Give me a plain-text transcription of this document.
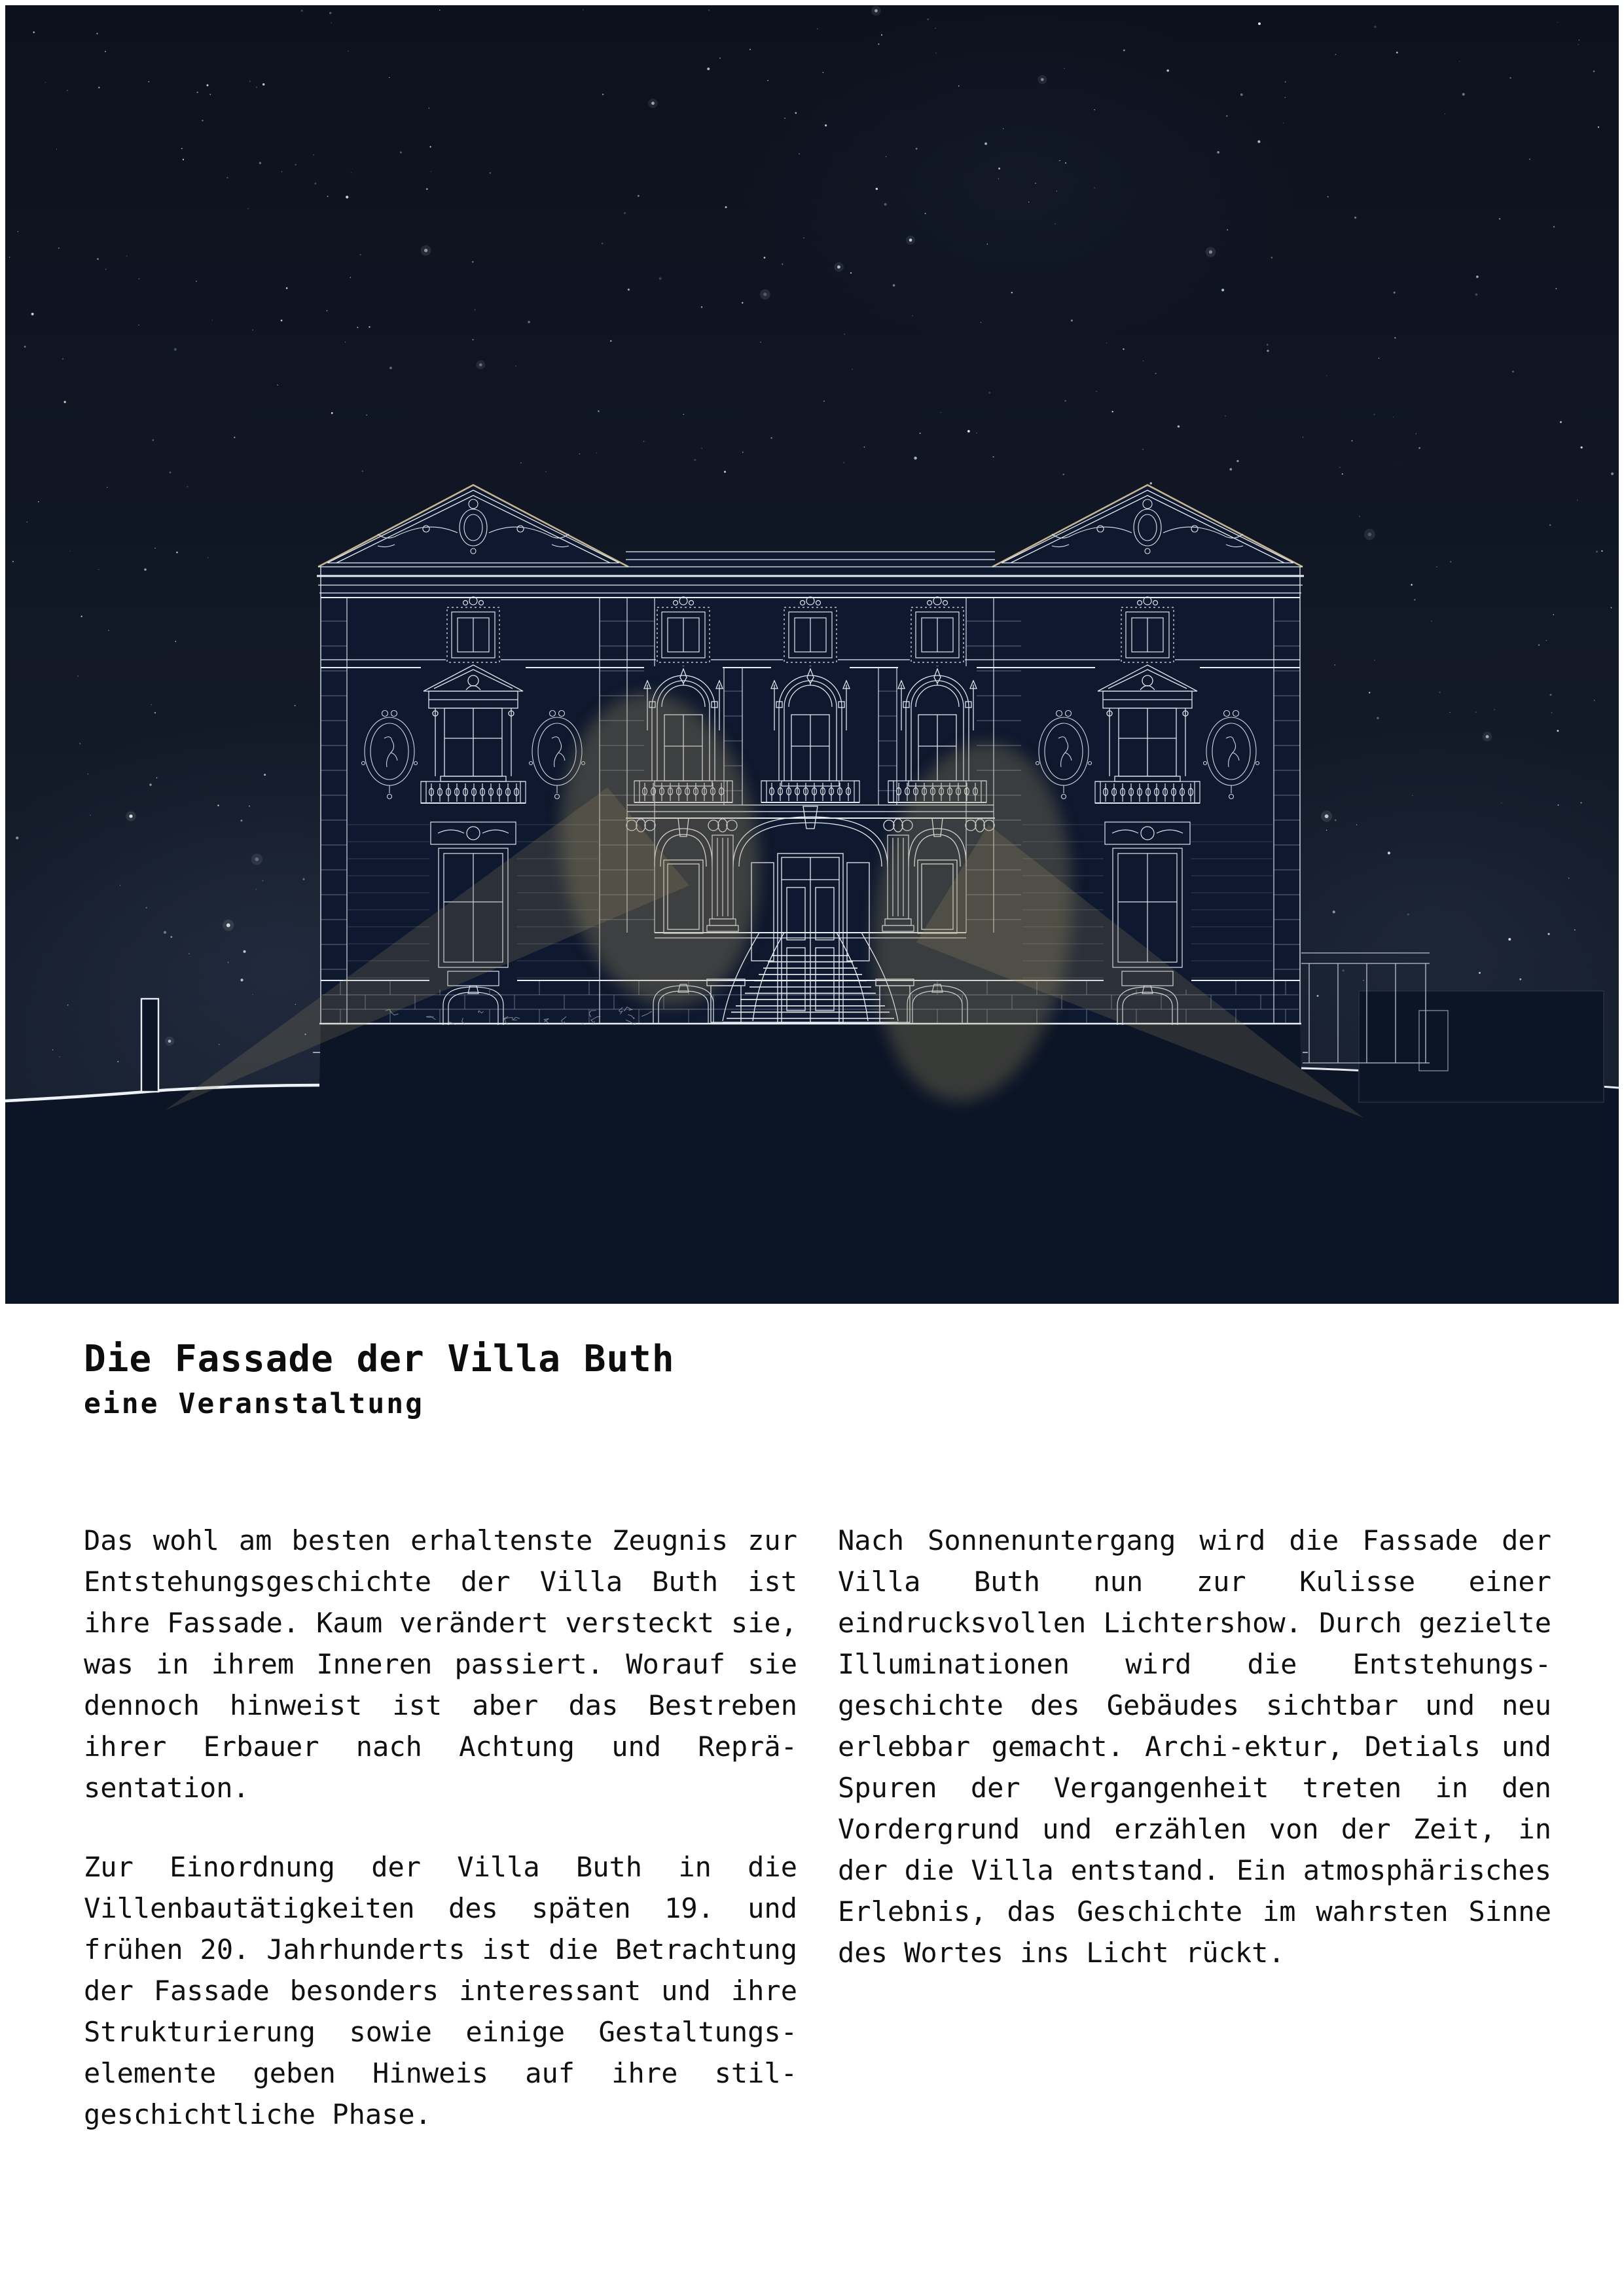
Die Fassade der Villa Buth
eine Veranstaltung
Das wohl am besten erhaltenste Zeugnis zur
Entstehungsgeschichte der Villa Buth ist
ihre Fassade. Kaum verändert versteckt sie,
was in ihrem Inneren passiert. Worauf sie
dennoch hinweist ist aber das Bestreben
ihrer Erbauer nach Achtung und Reprä-
sentation.
Zur Einordnung der Villa Buth in die
Villenbautätigkeiten des späten 19. und
frühen 20. Jahrhunderts ist die Betrachtung
der Fassade besonders interessant und ihre
Strukturierung sowie einige Gestaltungs-
elemente geben Hinweis auf ihre stil-
geschichtliche Phase.
Nach Sonnenuntergang wird die Fassade der
Villa Buth nun zur Kulisse einer
eindrucksvollen Lichtershow. Durch gezielte
Illuminationen wird die Entstehungs-
geschichte des Gebäudes sichtbar und neu
erlebbar gemacht. Archi-ektur, Detials und
Spuren der Vergangenheit treten in den
Vordergrund und erzählen von der Zeit, in
der die Villa entstand. Ein atmosphärisches
Erlebnis, das Geschichte im wahrsten Sinne
des Wortes ins Licht rückt.
